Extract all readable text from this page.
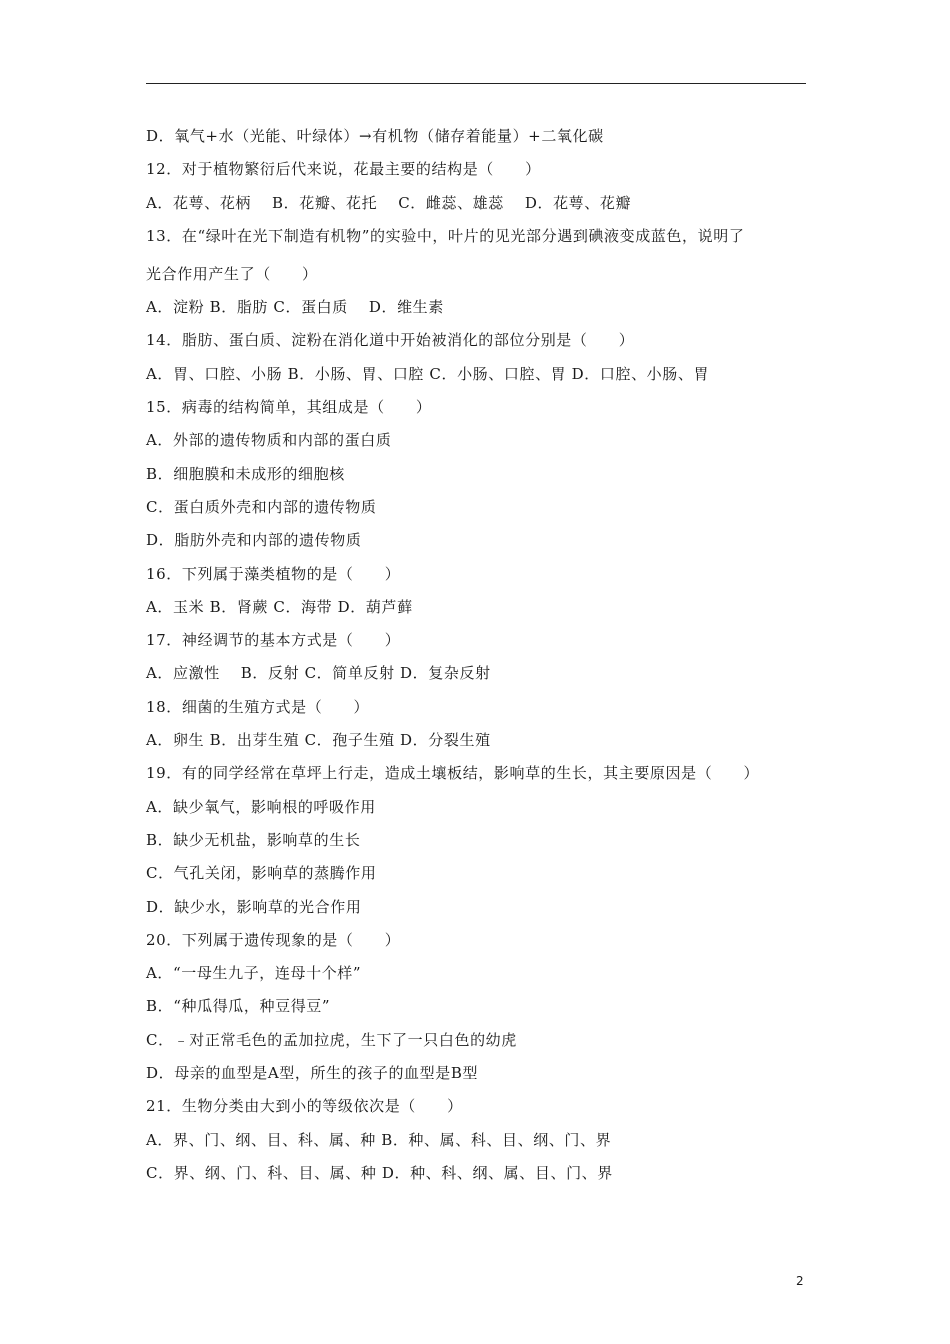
D．氧气+水（光能、叶绿体）→有机物（储存着能量）+二氧化碳
12．对于植物繁衍后代来说，花最主要的结构是（　　）
A．花萼、花柄　 B．花瓣、花托　 C．雌蕊、雄蕊　 D．花萼、花瓣
13．在“绿叶在光下制造有机物”的实验中，叶片的见光部分遇到碘液变成蓝色，说明了
光合作用产生了（　　）
A．淀粉 B．脂肪 C．蛋白质　 D．维生素
14．脂肪、蛋白质、淀粉在消化道中开始被消化的部位分别是（　　）
A．胃、口腔、小肠 B．小肠、胃、口腔 C．小肠、口腔、胃 D．口腔、小肠、胃
15．病毒的结构简单，其组成是（　　）
A．外部的遗传物质和内部的蛋白质
B．细胞膜和未成形的细胞核
C．蛋白质外壳和内部的遗传物质
D．脂肪外壳和内部的遗传物质
16．下列属于藻类植物的是（　　）
A．玉米 B．肾蕨 C．海带 D．葫芦藓
17．神经调节的基本方式是（　　）
A．应激性　 B．反射 C．简单反射 D．复杂反射
18．细菌的生殖方式是（　　）
A．卵生 B．出芽生殖 C．孢子生殖 D．分裂生殖
19．有的同学经常在草坪上行走，造成土壤板结，影响草的生长，其主要原因是（　　）
A．缺少氧气，影响根的呼吸作用
B．缺少无机盐，影响草的生长
C．气孔关闭，影响草的蒸腾作用
D．缺少水，影响草的光合作用
20．下列属于遗传现象的是（　　）
A．“一母生九子，连母十个样”
B．“种瓜得瓜，种豆得豆”
C．﹣对正常毛色的孟加拉虎，生下了一只白色的幼虎
D．母亲的血型是A型，所生的孩子的血型是B型
21．生物分类由大到小的等级依次是（　　）
A．界、门、纲、目、科、属、种 B．种、属、科、目、纲、门、界
C．界、纲、门、科、目、属、种 D．种、科、纲、属、目、门、界
2
